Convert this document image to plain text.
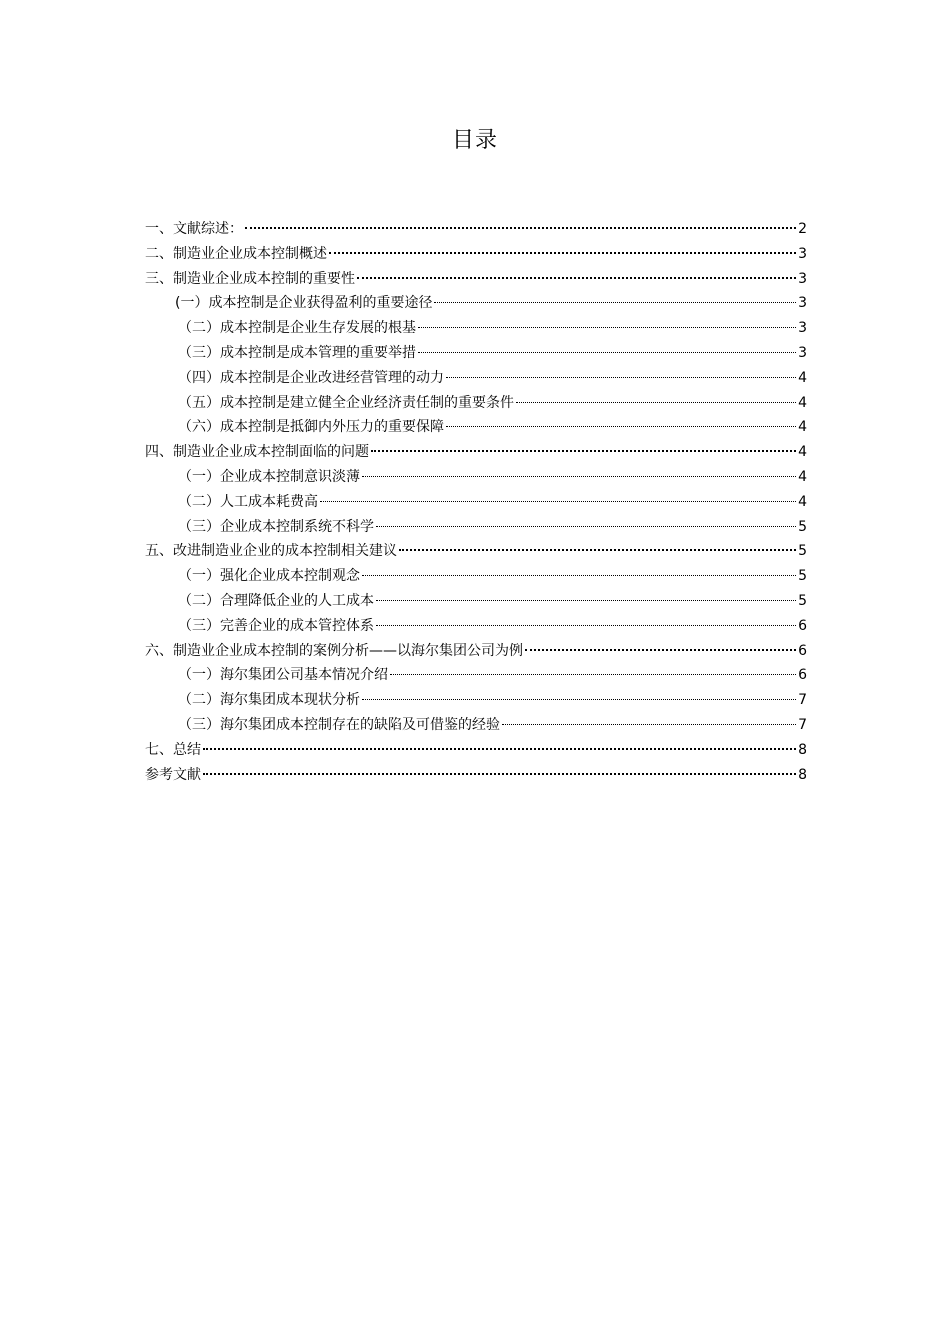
目录
一、文献综述：	2
二、制造业企业成本控制概述	3
三、制造业企业成本控制的重要性	3
(一）成本控制是企业获得盈利的重要途径	3
（二）成本控制是企业生存发展的根基	3
（三）成本控制是成本管理的重要举措	3
（四）成本控制是企业改进经营管理的动力	4
（五）成本控制是建立健全企业经济责任制的重要条件	4
（六）成本控制是抵御内外压力的重要保障	4
四、制造业企业成本控制面临的问题	4
（一）企业成本控制意识淡薄	4
（二）人工成本耗费高	4
（三）企业成本控制系统不科学	5
五、改进制造业企业的成本控制相关建议	5
（一）强化企业成本控制观念	5
（二）合理降低企业的人工成本	5
（三）完善企业的成本管控体系	6
六、制造业企业成本控制的案例分析——以海尔集团公司为例	6
（一）海尔集团公司基本情况介绍	6
（二）海尔集团成本现状分析	7
（三）海尔集团成本控制存在的缺陷及可借鉴的经验	7
七、总结	8
参考文献	8
